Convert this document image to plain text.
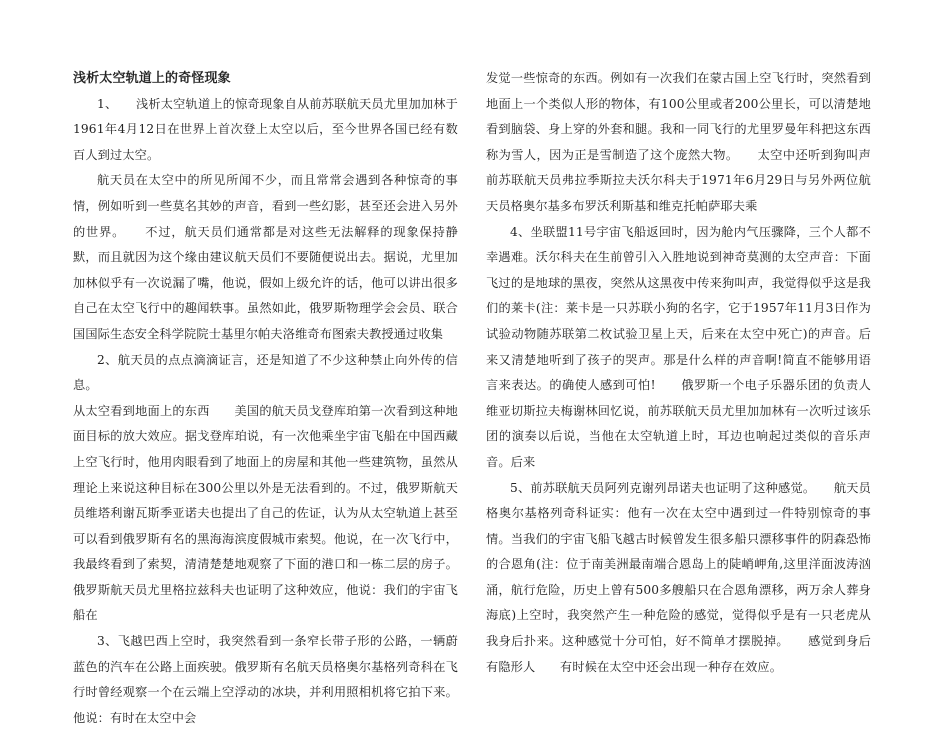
浅析太空轨道上的奇怪现象

1、　　浅析太空轨道上的惊奇现象自从前苏联航天员尤里加加林于1961年4月12日在世界上首次登上太空以后，至今世界各国已经有数百人到过太空。

航天员在太空中的所见所闻不少，而且常常会遇到各种惊奇的事情，例如听到一些莫名其妙的声音，看到一些幻影，甚至还会进入另外的世界。　　不过，航天员们通常都是对这些无法解释的现象保持静默，而且就因为这个缘由建议航天员们不要随便说出去。据说，尤里加加林似乎有一次说漏了嘴，他说，假如上级允许的话，他可以讲出很多自己在太空飞行中的趣闻轶事。虽然如此，俄罗斯物理学会会员、联合国国际生态安全科学院院士基里尔帕夫洛维奇布图索夫教授通过收集

2、航天员的点点滴滴证言，还是知道了不少这种禁止向外传的信息。

从太空看到地面上的东西　　美国的航天员戈登库珀第一次看到这种地面目标的放大效应。据戈登库珀说，有一次他乘坐宇宙飞船在中国西藏上空飞行时，他用肉眼看到了地面上的房屋和其他一些建筑物，虽然从理论上来说这种目标在300公里以外是无法看到的。不过，俄罗斯航天员维塔利谢瓦斯季亚诺夫也提出了自己的佐证，认为从太空轨道上甚至可以看到俄罗斯有名的黑海海滨度假城市索契。他说，在一次飞行中，我最终看到了索契，清清楚楚地观察了下面的港口和一栋二层的房子。俄罗斯航天员尤里格拉兹科夫也证明了这种效应，他说：我们的宇宙飞船在

3、飞越巴西上空时，我突然看到一条窄长带子形的公路，一辆蔚蓝色的汽车在公路上面疾驶。俄罗斯有名航天员格奥尔基格列奇科在飞行时曾经观察一个在云端上空浮动的冰块，并利用照相机将它拍下来。他说：有时在太空中会

发觉一些惊奇的东西。例如有一次我们在蒙古国上空飞行时，突然看到地面上一个类似人形的物体，有100公里或者200公里长，可以清楚地看到脑袋、身上穿的外套和腿。我和一同飞行的尤里罗曼年科把这东西称为雪人，因为正是雪制造了这个庞然大物。　　太空中还听到狗叫声　　前苏联航天员弗拉季斯拉夫沃尔科夫于1971年6月29日与另外两位航天员格奥尔基多布罗沃利斯基和维克托帕萨耶夫乘

4、坐联盟11号宇宙飞船返回时，因为舱内气压骤降，三个人都不幸遇难。沃尔科夫在生前曾引入入胜地说到神奇莫测的太空声音：下面飞过的是地球的黑夜，突然从这黑夜中传来狗叫声，我觉得似乎这是我们的莱卡(注：莱卡是一只苏联小狗的名字，它于1957年11月3日作为试验动物随苏联第二枚试验卫星上天，后来在太空中死亡)的声音。后来又清楚地听到了孩子的哭声。那是什么样的声音啊!简直不能够用语言来表达。的确使人感到可怕!　　俄罗斯一个电子乐器乐团的负责人维亚切斯拉夫梅谢林回忆说，前苏联航天员尤里加加林有一次听过该乐团的演奏以后说，当他在太空轨道上时，耳边也响起过类似的音乐声音。后来

5、前苏联航天员阿列克谢列昂诺夫也证明了这种感觉。　　航天员格奥尔基格列奇科证实：他有一次在太空中遇到过一件特别惊奇的事情。当我们的宇宙飞船飞越古时候曾发生很多船只漂移事件的阴森恐怖的合恩角(注：位于南美洲最南端合恩岛上的陡峭岬角,这里洋面波涛汹涌，航行危险，历史上曾有500多艘船只在合恩角漂移，两万余人葬身海底)上空时，我突然产生一种危险的感觉，觉得似乎是有一只老虎从我身后扑来。这种感觉十分可怕，好不简单才摆脱掉。　　感觉到身后有隐形人　　有时候在太空中还会出现一种存在效应。
